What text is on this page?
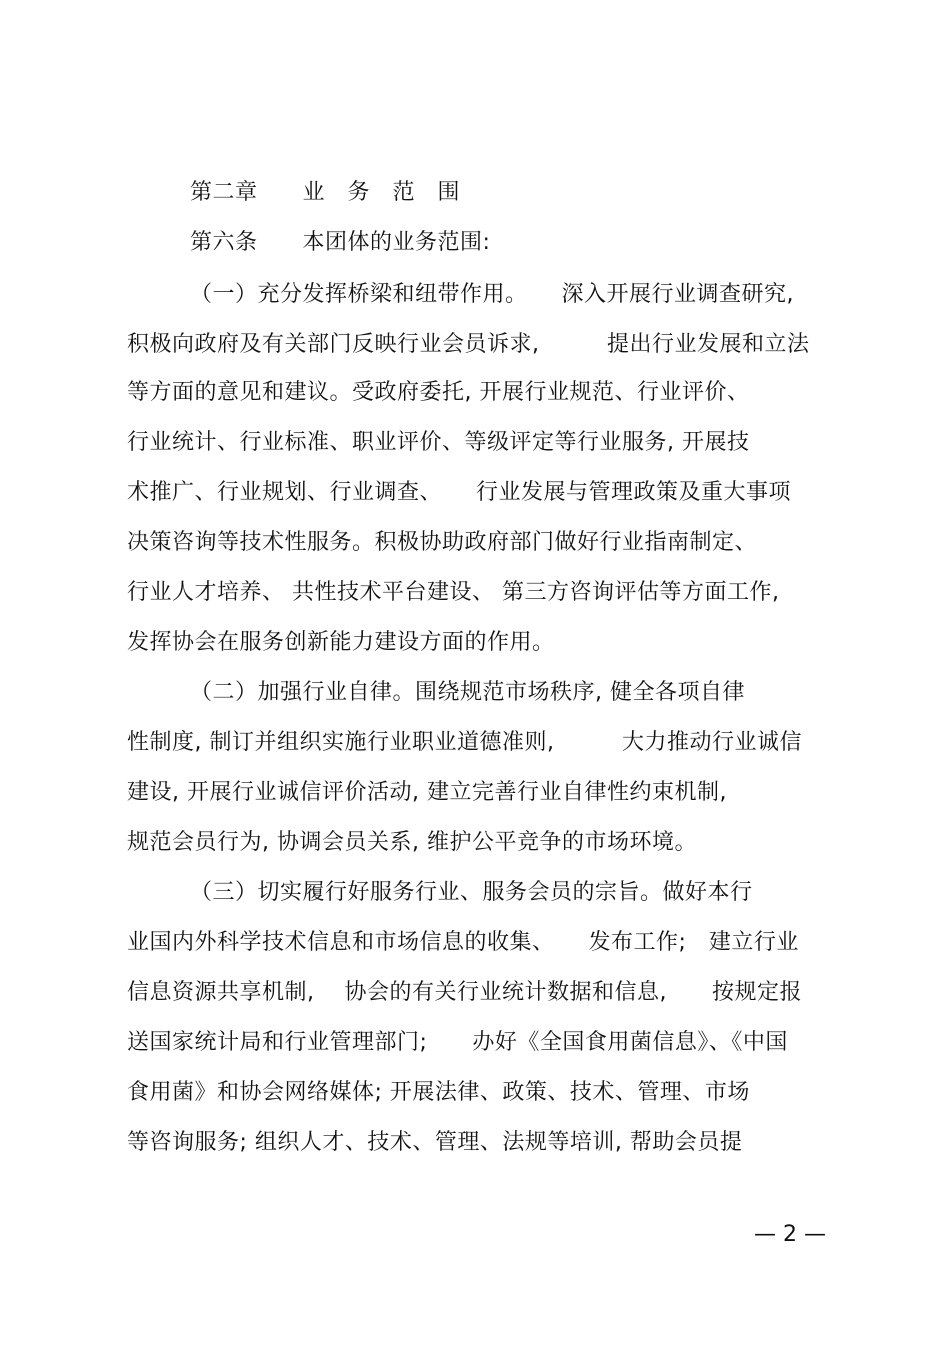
第二章　　业　务　范　围
第六条　　本团体的业务范围:
（一）充分发挥桥梁和纽带作用。　　深入开展行业调查研究,
积极向政府及有关部门反映行业会员诉求,　　　提出行业发展和立法
等方面的意见和建议。受政府委托, 开展行业规范、行业评价、
行业统计、行业标准、职业评价、等级评定等行业服务, 开展技
术推广、行业规划、行业调查、　　行业发展与管理政策及重大事项
决策咨询等技术性服务。积极协助政府部门做好行业指南制定、
行业人才培养、 共性技术平台建设、 第三方咨询评估等方面工作,
发挥协会在服务创新能力建设方面的作用。
（二）加强行业自律。围绕规范市场秩序, 健全各项自律
性制度, 制订并组织实施行业职业道德准则,　　　大力推动行业诚信
建设, 开展行业诚信评价活动, 建立完善行业自律性约束机制,
规范会员行为, 协调会员关系, 维护公平竞争的市场环境。
（三）切实履行好服务行业、服务会员的宗旨。做好本行
业国内外科学技术信息和市场信息的收集、　　发布工作;　建立行业
信息资源共享机制,　 协会的有关行业统计数据和信息,　　按规定报
送国家统计局和行业管理部门;　　办好《全国食用菌信息》、《中国
食用菌》和协会网络媒体; 开展法律、政策、技术、管理、市场
等咨询服务; 组织人才、技术、管理、法规等培训, 帮助会员提
— 2 —
